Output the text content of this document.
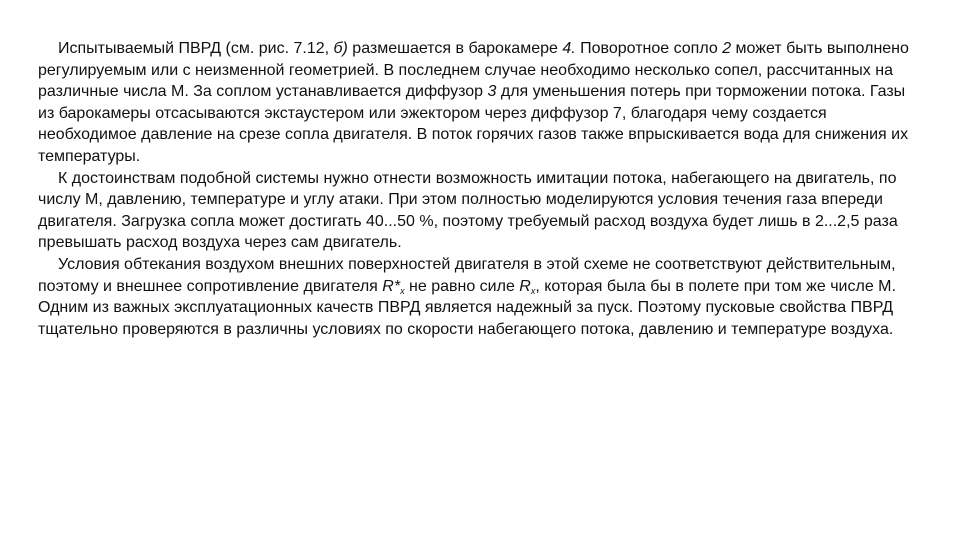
Испытываемый ПВРД (см. рис. 7.12, б) размешается в барокамере 4. Поворотное сопло 2 может быть выполнено регулируемым или с неизменной геометрией. В последнем случае необходимо несколько сопел, рассчитанных на различные числа М. За соплом устанавливается диффузор 3 для уменьшения потерь при торможении потока. Газы из барокамеры отсасываются экстаустером или эжектором через диффузор 7, благодаря чему создается необходимое давление на срезе сопла двигателя. В поток горячих газов также впрыскивается вода для снижения их температуры.

К достоинствам подобной системы нужно отнести возможность имитации потока, набегающего на двигатель, по числу М, давлению, температуре и углу атаки. При этом полностью моделируются условия течения газа впереди двигателя. Загрузка сопла может достигать 40...50 %, поэтому требуемый расход воздуха будет лишь в 2...2,5 раза превышать расход воздуха через сам двигатель.

Условия обтекания воздухом внешних поверхностей двигателя в этой схеме не соответствуют действительным, поэтому и внешнее сопротивление двигателя $R*_x$ не равно силе $R_x$, которая была бы в полете при том же числе М. Одним из важных эксплуатационных качеств ПВРД является надежный за пуск. Поэтому пусковые свойства ПВРД тщательно проверяются в различны условиях по скорости набегающего потока, давлению и температуре воздуха.
